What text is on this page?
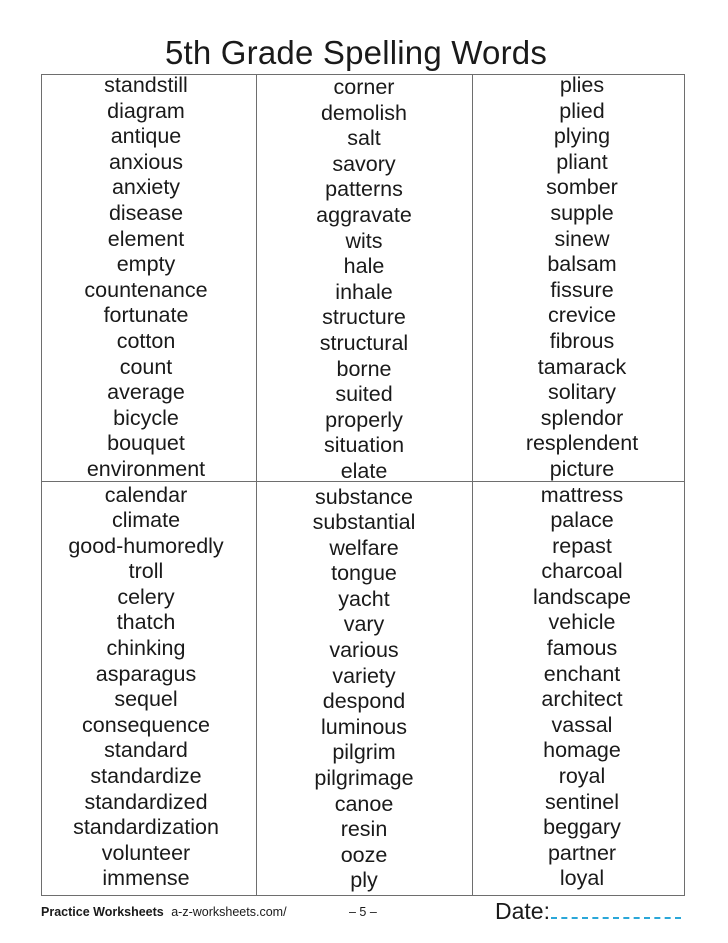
5th Grade Spelling Words
standstill
diagram
antique
anxious
anxiety
disease
element
empty
countenance
fortunate
cotton
count
average
bicycle
bouquet
environment
calendar
climate
good-humoredly
troll
celery
thatch
chinking
asparagus
sequel
consequence
standard
standardize
standardized
standardization
volunteer
immense
corner
demolish
salt
savory
patterns
aggravate
wits
hale
inhale
structure
structural
borne
suited
properly
situation
elate
substance
substantial
welfare
tongue
yacht
vary
various
variety
despond
luminous
pilgrim
pilgrimage
canoe
resin
ooze
ply
plies
plied
plying
pliant
somber
supple
sinew
balsam
fissure
crevice
fibrous
tamarack
solitary
splendor
resplendent
picture
mattress
palace
repast
charcoal
landscape
vehicle
famous
enchant
architect
vassal
homage
royal
sentinel
beggary
partner
loyal
Practice Worksheets a-z-worksheets.com/	– 5 –	Date:
